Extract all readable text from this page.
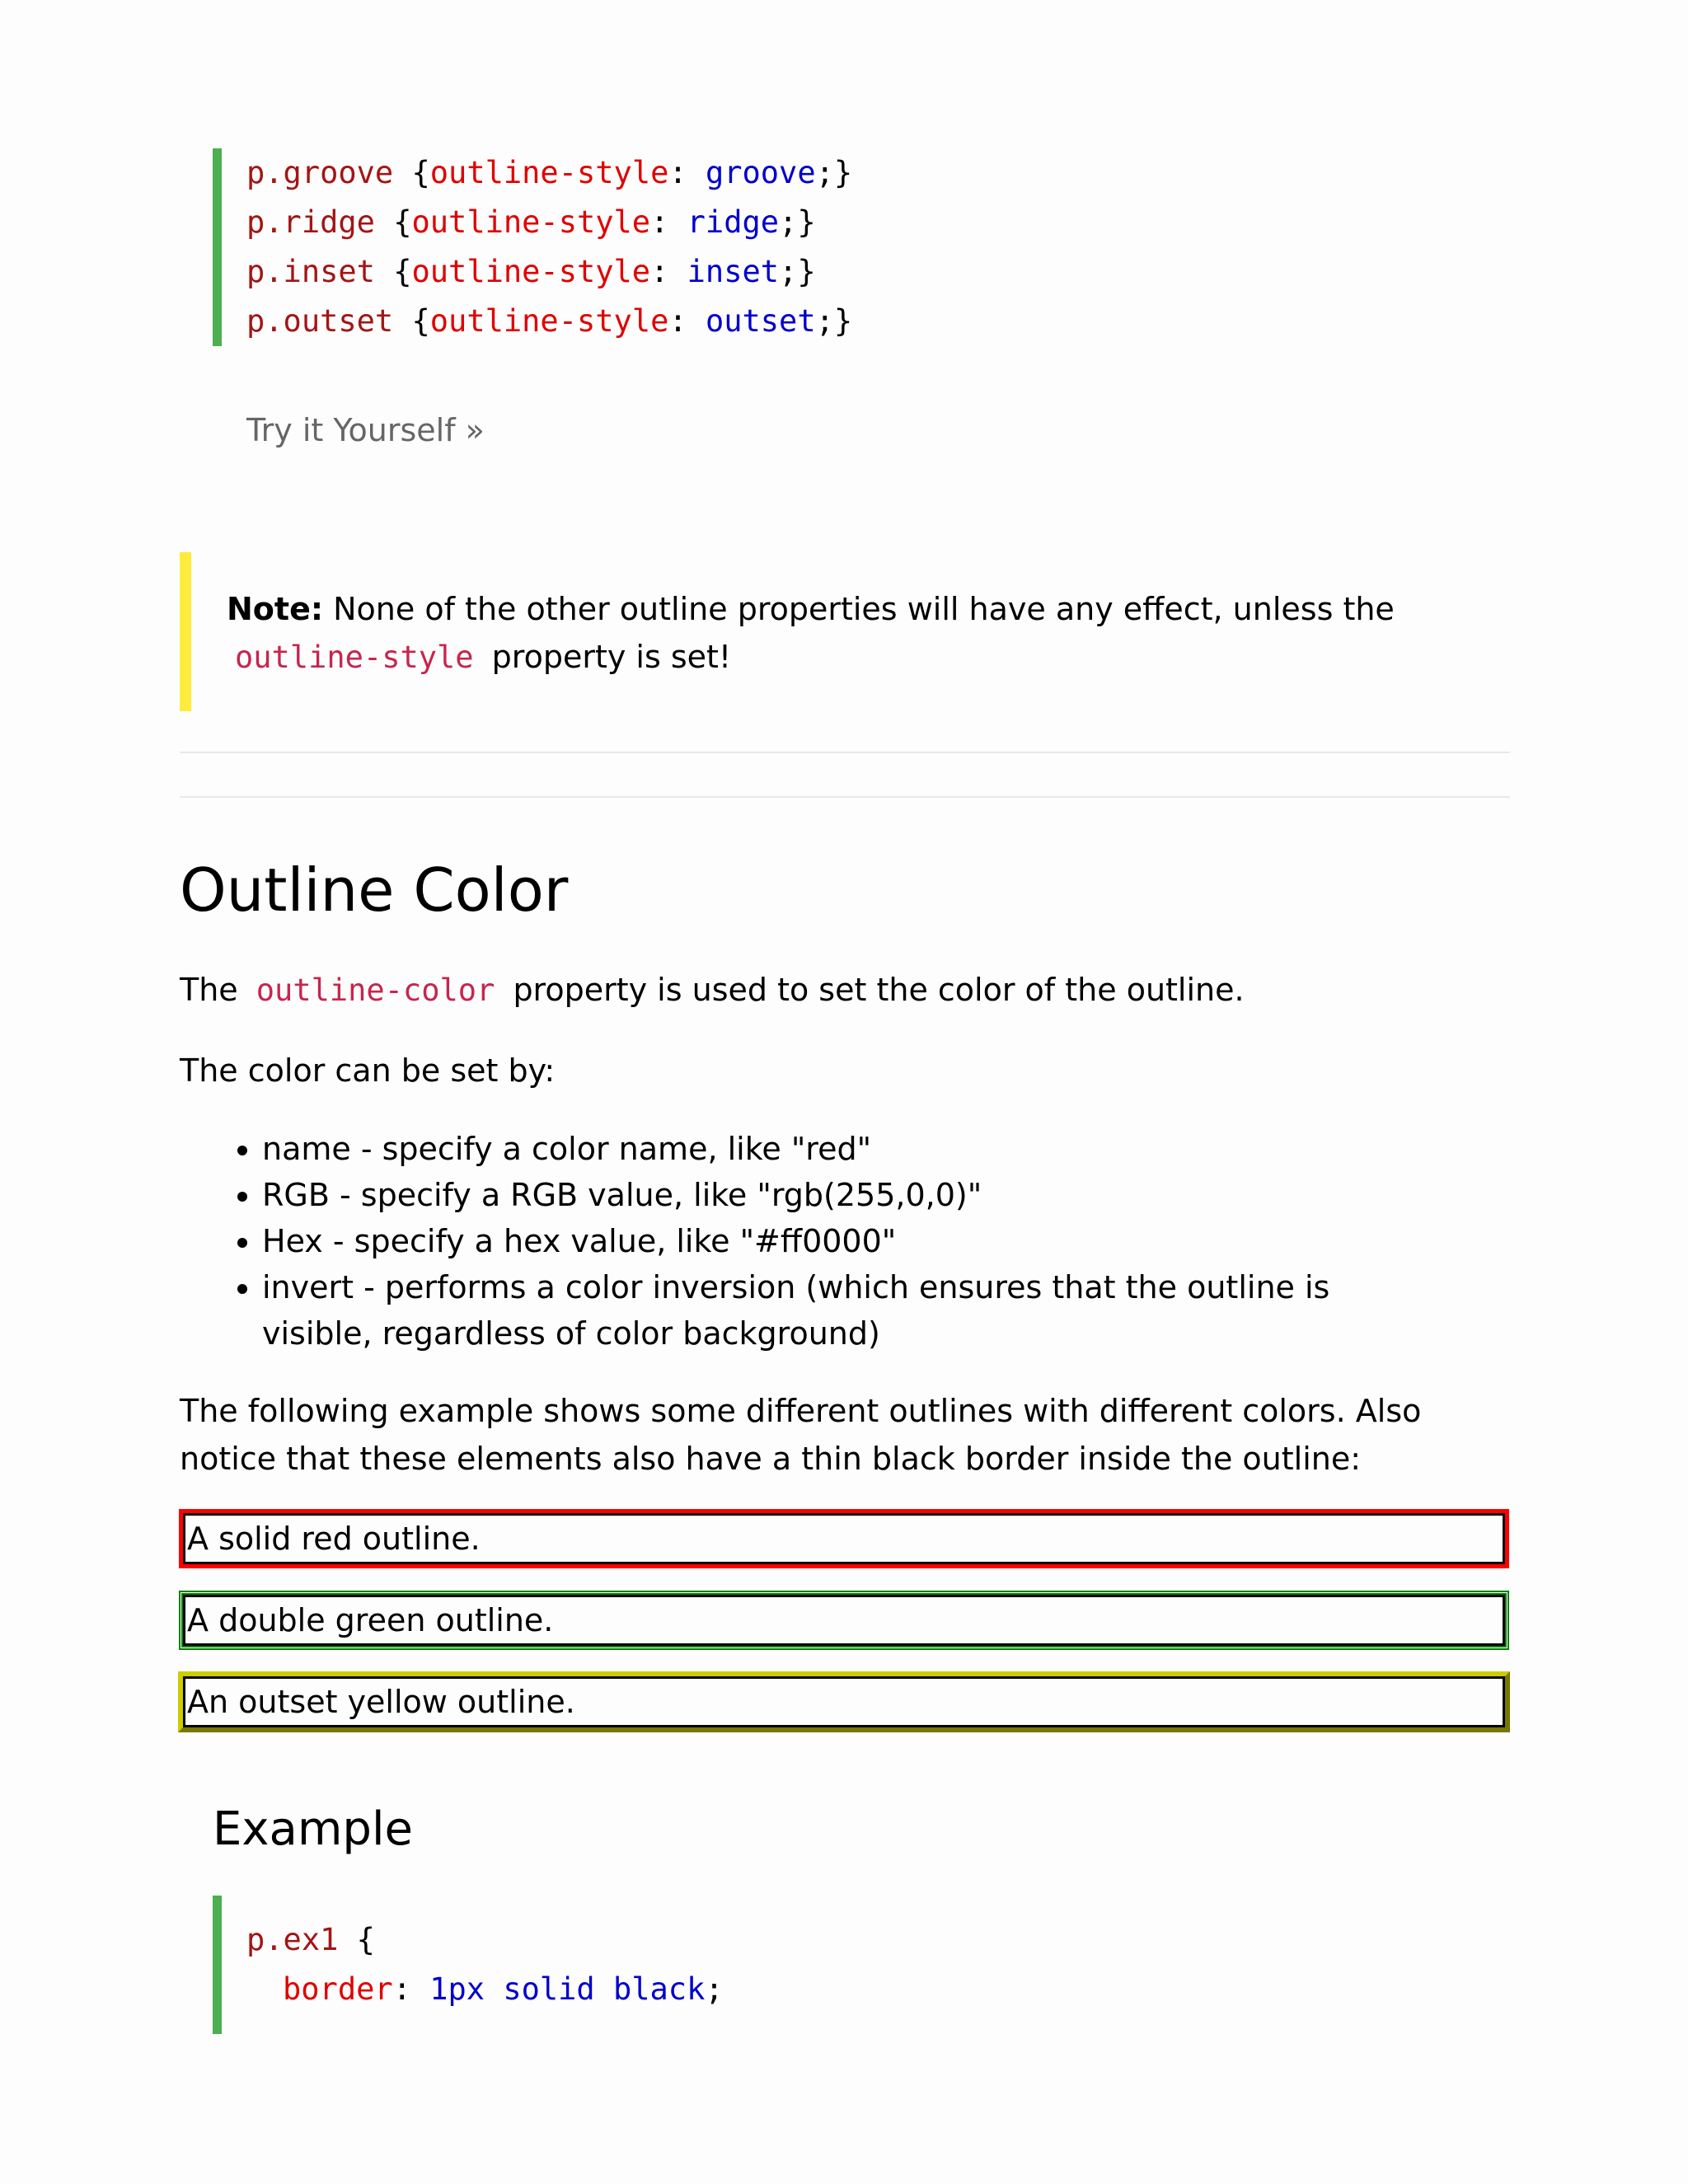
p.groove {outline-style: groove;}
p.ridge {outline-style: ridge;}
p.inset {outline-style: inset;}
p.outset {outline-style: outset;}
Try it Yourself »
Note: None of the other outline properties will have any effect, unless the
outline-style property is set!
Outline Color
The outline-color property is used to set the color of the outline.
The color can be set by:
• name - specify a color name, like "red"
• RGB - specify a RGB value, like "rgb(255,0,0)"
• Hex - specify a hex value, like "#ff0000"
• invert - performs a color inversion (which ensures that the outline is visible, regardless of color background)
The following example shows some different outlines with different colors. Also notice that these elements also have a thin black border inside the outline:
A solid red outline.
A double green outline.
An outset yellow outline.
Example
p.ex1 {
border: 1px solid black;
